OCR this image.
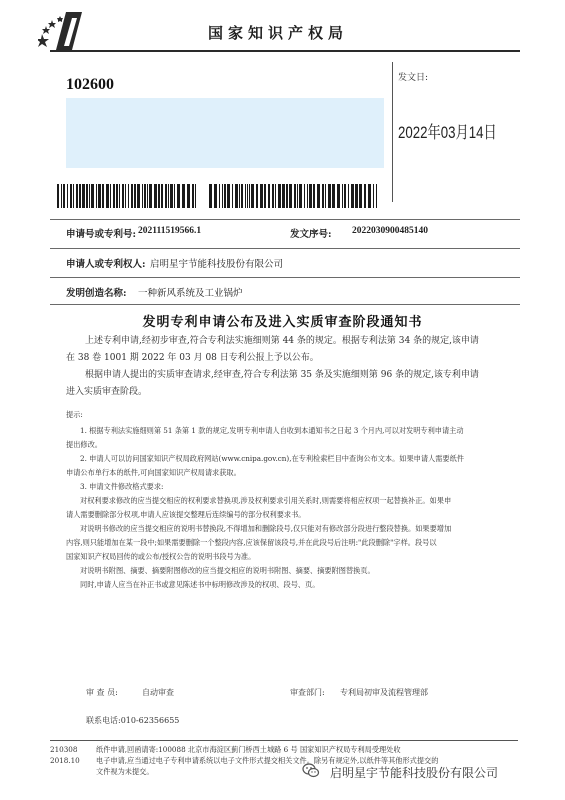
国家知识产权局
102600	发文日:
2022年03月14日
申请号或专利号: 202111519566.1	发文序号: 2022030900485140
申请人或专利权人: 启明星宇节能科技股份有限公司
发明创造名称: 一种新风系统及工业锅炉
发明专利申请公布及进入实质审查阶段通知书
上述专利申请,经初步审查,符合专利法实施细则第 44 条的规定。根据专利法第 34 条的规定,该申请
在 38 卷 1001 期 2022 年 03 月 08 日专利公报上予以公布。
根据申请人提出的实质审查请求,经审查,符合专利法第 35 条及实施细则第 96 条的规定,该专利申请
进入实质审查阶段。
提示:
1. 根据专利法实施细则第 51 条第 1 款的规定,发明专利申请人自收到本通知书之日起 3 个月内,可以对发明专利申请主动
提出修改。
2. 申请人可以访问国家知识产权局政府网站(www.cnipa.gov.cn),在专利检索栏目中查询公布文本。如果申请人需要纸件
申请公布单行本的纸件,可向国家知识产权局请求获取。
3. 申请文件修改格式要求:
对权利要求修改的应当提交相应的权利要求替换项,涉及权利要求引用关系时,则需要将相应权项一起替换补正。如果申
请人需要删除部分权项,申请人应该提交整理后连续编号的部分权利要求书。
对说明书修改的应当提交相应的说明书替换段,不得增加和删除段号,仅只能对有修改部分段进行整段替换。如果要增加
内容,则只能增加在某一段中;如果需要删除一个整段内容,应该保留该段号,并在此段号后注明:"此段删除"字样。段号以
国家知识产权局回传的或公布/授权公告的说明书段号为准。
对说明书附图、摘要、摘要附图修改的应当提交相应的说明书附图、摘要、摘要附图替换页。
同时,申请人应当在补正书或意见陈述书中标明修改涉及的权项、段号、页。
审 查 员:	自动审查	审查部门: 专利局初审及流程管理部
联系电话:010-62356655
210308
2018.10
纸件申请,回函请寄:100088 北京市海淀区蓟门桥西土城路 6 号 国家知识产权局专利局受理处收
电子申请,应当通过电子专利申请系统以电子文件形式提交相关文件。除另有规定外,以纸件等其他形式提交的
文件视为未提交。	启明星宇节能科技股份有限公司
